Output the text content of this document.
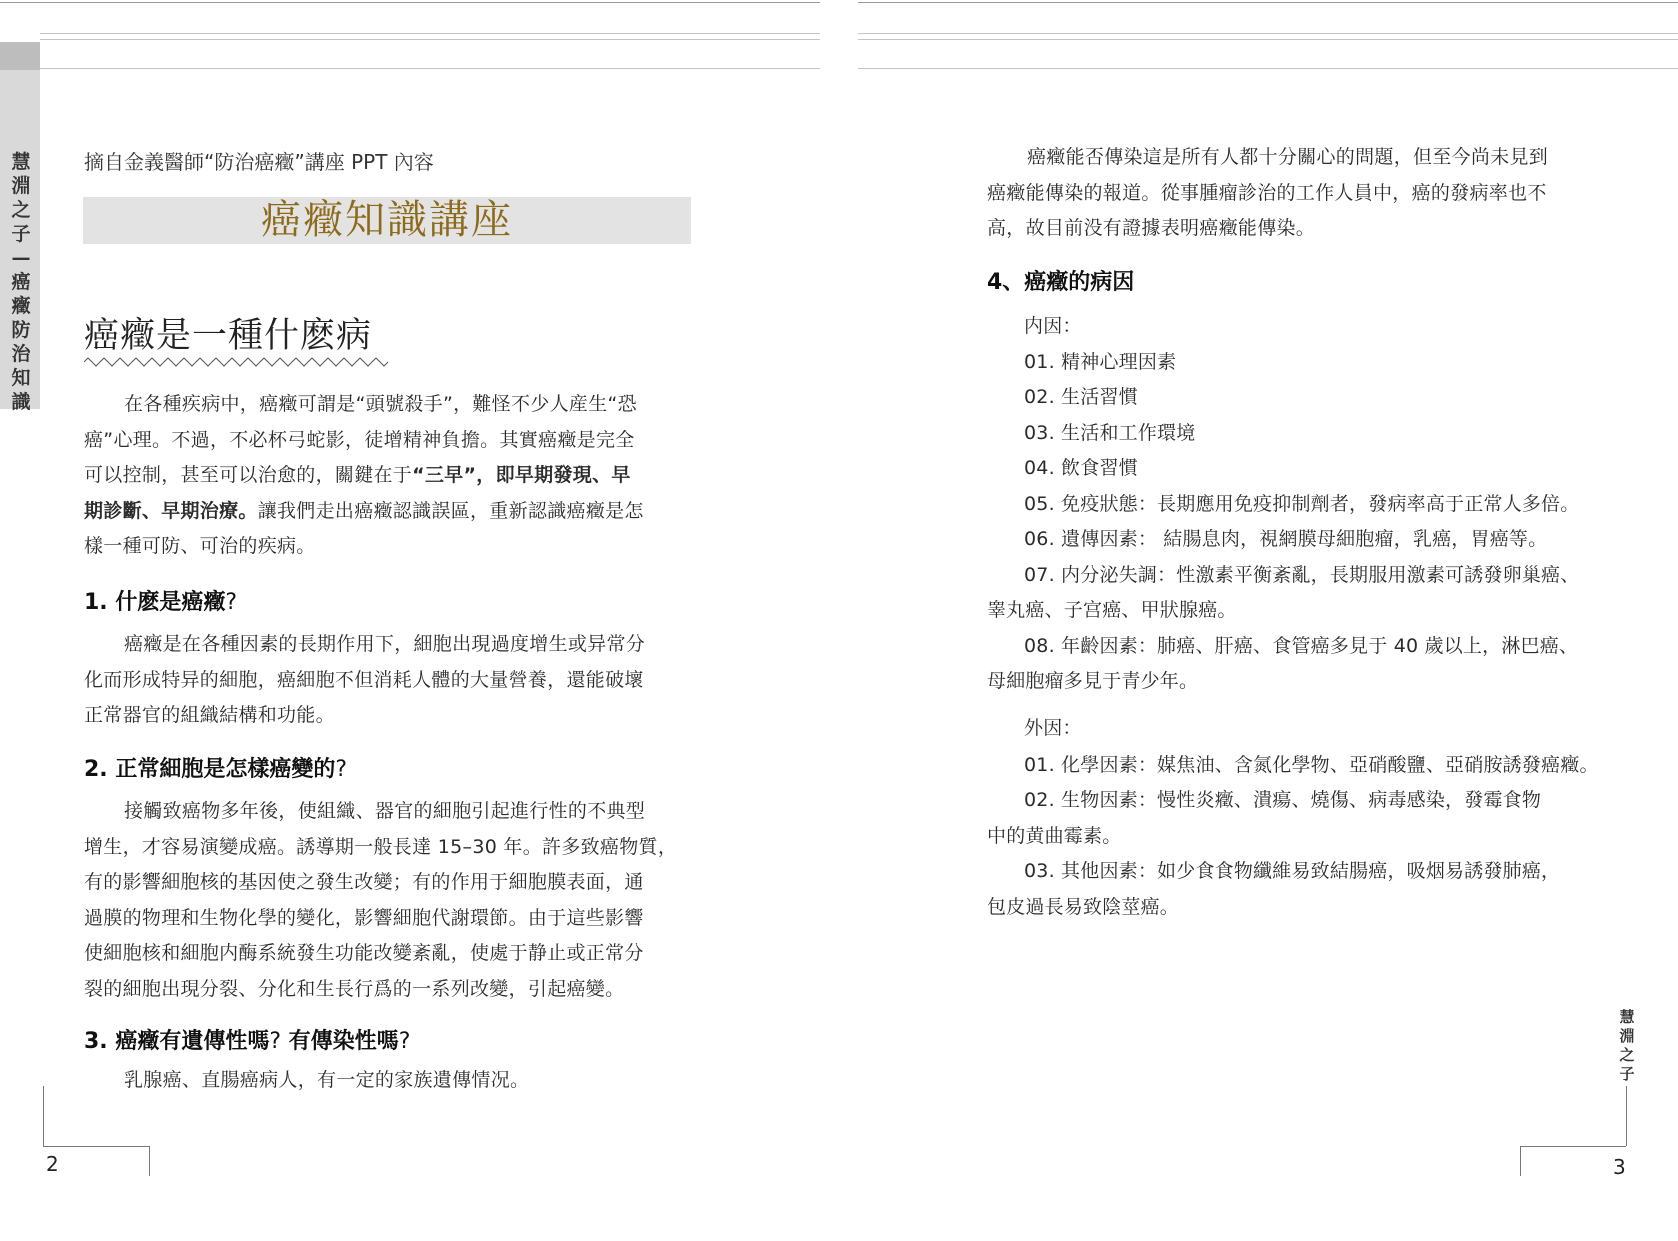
慧淵之子—癌癥防治知識
摘自金義醫師“防治癌癥”講座 PPT 內容
癌癥知識講座
癌癥是一種什麽病
在各種疾病中，癌癥可謂是“頭號殺手”，難怪不少人産生“恐
癌”心理。不過，不必杯弓蛇影，徒增精神負擔。其實癌癥是完全
可以控制，甚至可以治愈的，關鍵在于“三早”，即早期發現、早
期診斷、早期治療。讓我們走出癌癥認識誤區，重新認識癌癥是怎
樣一種可防、可治的疾病。
1. 什麽是癌癥?
癌癥是在各種因素的長期作用下，細胞出現過度增生或异常分
化而形成特异的細胞，癌細胞不但消耗人體的大量營養，還能破壞
正常器官的組織結構和功能。
2. 正常細胞是怎樣癌變的?
接觸致癌物多年後，使組織、器官的細胞引起進行性的不典型
增生，才容易演變成癌。誘導期一般長達 15–30 年。許多致癌物質，
有的影響細胞核的基因使之發生改變；有的作用于細胞膜表面，通
過膜的物理和生物化學的變化，影響細胞代謝環節。由于這些影響
使細胞核和細胞内酶系統發生功能改變紊亂，使處于静止或正常分
裂的細胞出現分裂、分化和生長行爲的一系列改變，引起癌變。
3. 癌癥有遺傳性嗎? 有傳染性嗎?
乳腺癌、直腸癌病人，有一定的家族遺傳情况。
2
癌癥能否傳染這是所有人都十分關心的問題，但至今尚未見到
癌癥能傳染的報道。從事腫瘤診治的工作人員中，癌的發病率也不
高，故目前没有證據表明癌癥能傳染。
4、癌癥的病因
内因：
01. 精神心理因素
02. 生活習慣
03. 生活和工作環境
04. 飲食習慣
05. 免疫狀態：長期應用免疫抑制劑者，發病率高于正常人多倍。
06. 遺傳因素： 結腸息肉，視網膜母細胞瘤，乳癌，胃癌等。
07. 内分泌失調：性激素平衡紊亂，長期服用激素可誘發卵巢癌、
睾丸癌、子宫癌、甲狀腺癌。
08. 年齡因素：肺癌、肝癌、食管癌多見于 40 歲以上，淋巴癌、
母細胞瘤多見于青少年。
外因：
01. 化學因素：媒焦油、含氮化學物、亞硝酸鹽、亞硝胺誘發癌癥。
02. 生物因素：慢性炎癥、潰瘍、燒傷、病毒感染，發霉食物
中的黄曲霉素。
03. 其他因素：如少食食物纖維易致結腸癌，吸烟易誘發肺癌，
包皮過長易致陰莖癌。
慧淵之子
3
